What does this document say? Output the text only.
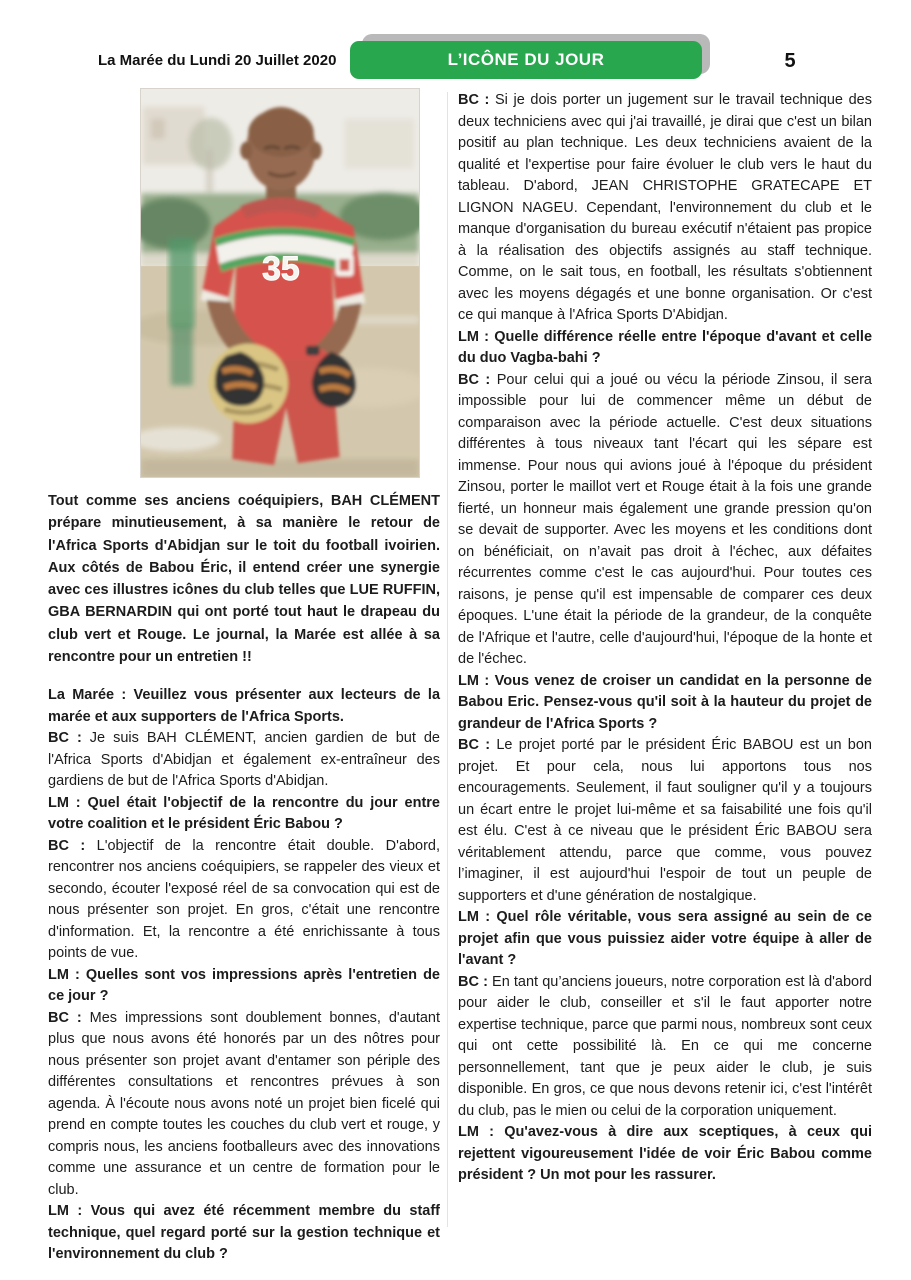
La Marée du Lundi 20 Juillet 2020	L’ICÔNE DU JOUR	5
35

Tout comme ses anciens coéquipiers, BAH CLÉMENT prépare minutieusement, à sa manière le retour de l'Africa Sports d'Abidjan sur le toit du football ivoirien. Aux côtés de Babou Éric, il entend créer une synergie avec ces illustres icônes du club telles que LUE RUFFIN, GBA BERNARDIN qui ont porté tout haut le drapeau du club vert et Rouge. Le journal, la Marée est allée à sa rencontre pour un entretien !!

La Marée : Veuillez vous présenter aux lecteurs de la marée et aux supporters de l'Africa Sports.

BC : Je suis BAH CLÉMENT, ancien gardien de but de l'Africa Sports d'Abidjan et également ex-entraîneur des gardiens de but de l'Africa Sports d'Abidjan.

LM : Quel était l'objectif de la rencontre du jour entre votre coalition et le président Éric Babou ?

BC : L'objectif de la rencontre était double. D'abord, rencontrer nos anciens coéquipiers, se rappeler des vieux et secondo, écouter l'exposé réel de sa convocation qui est de nous présenter son projet. En gros, c'était une rencontre d'information. Et, la rencontre a été enrichissante à tous points de vue.

LM : Quelles sont vos impressions après l'entretien de ce jour ?

BC : Mes impressions sont doublement bonnes, d'autant plus que nous avons été honorés par un des nôtres pour nous présenter son projet avant d'entamer son périple des différentes consultations et rencontres prévues à son agenda. À l'écoute nous avons noté un projet bien ficelé qui prend en compte toutes les couches du club vert et rouge, y compris nous, les anciens footballeurs avec des innovations comme une assurance et un centre de formation pour le club.

LM : Vous qui avez été récemment membre du staff technique, quel regard porté sur la gestion technique et l'environnement du club ?

BC : Si je dois porter un jugement sur le travail technique des deux techniciens avec qui j'ai travaillé, je dirai que c'est un bilan positif au plan technique. Les deux techniciens avaient de la qualité et l'expertise pour faire évoluer le club vers le haut du tableau. D'abord, JEAN CHRISTOPHE GRATECAPE ET LIGNON NAGEU. Cependant, l'environnement du club et le manque d'organisation du bureau exécutif n'étaient pas propice à la réalisation des objectifs assignés au staff technique. Comme, on le sait tous, en football, les résultats s'obtiennent avec les moyens dégagés et une bonne organisation. Or c'est ce qui manque à l'Africa Sports D'Abidjan.

LM : Quelle différence réelle entre l'époque d'avant et celle du duo Vagba-bahi ?

BC : Pour celui qui a joué ou vécu la période Zinsou, il sera impossible pour lui de commencer même un début de comparaison avec la période actuelle. C'est deux situations différentes à tous niveaux tant l'écart qui les sépare est immense. Pour nous qui avions joué à l'époque du président Zinsou, porter le maillot vert et Rouge était à la fois une grande fierté, un honneur mais également une grande pression qu'on se devait de supporter. Avec les moyens et les conditions dont on bénéficiait, on n’avait pas droit à l'échec, aux défaites récurrentes comme c'est le cas aujourd'hui. Pour toutes ces raisons, je pense qu'il est impensable de comparer ces deux époques. L'une était la période de la grandeur, de la conquête de l'Afrique et l'autre, celle d'aujourd'hui, l'époque de la honte et de l'échec.

LM : Vous venez de croiser un candidat en la personne de Babou Eric. Pensez-vous qu'il soit à la hauteur du projet de grandeur de l'Africa Sports ?

BC : Le projet porté par le président Éric BABOU est un bon projet. Et pour cela, nous lui apportons tous nos encouragements. Seulement, il faut souligner qu'il y a toujours un écart entre le projet lui-même et sa faisabilité une fois qu'il est élu. C'est à ce niveau que le président Éric BABOU sera véritablement attendu, parce que comme, vous pouvez l’imaginer, il est aujourd'hui l'espoir de tout un peuple de supporters et d'une génération de nostalgique.

LM : Quel rôle véritable, vous sera assigné au sein de ce projet afin que vous puissiez aider votre équipe à aller de l'avant ?

BC : En tant qu’anciens joueurs, notre corporation est là d'abord pour aider le club, conseiller et s'il le faut apporter notre expertise technique, parce que parmi nous, nombreux sont ceux qui ont cette possibilité là. En ce qui me concerne personnellement, tant que je peux aider le club, je suis disponible. En gros, ce que nous devons retenir ici, c'est l'intérêt du club, pas le mien ou celui de la corporation uniquement.

LM : Qu'avez-vous à dire aux sceptiques, à ceux qui rejettent vigoureusement l'idée de voir Éric Babou comme président ? Un mot pour les rassurer.
